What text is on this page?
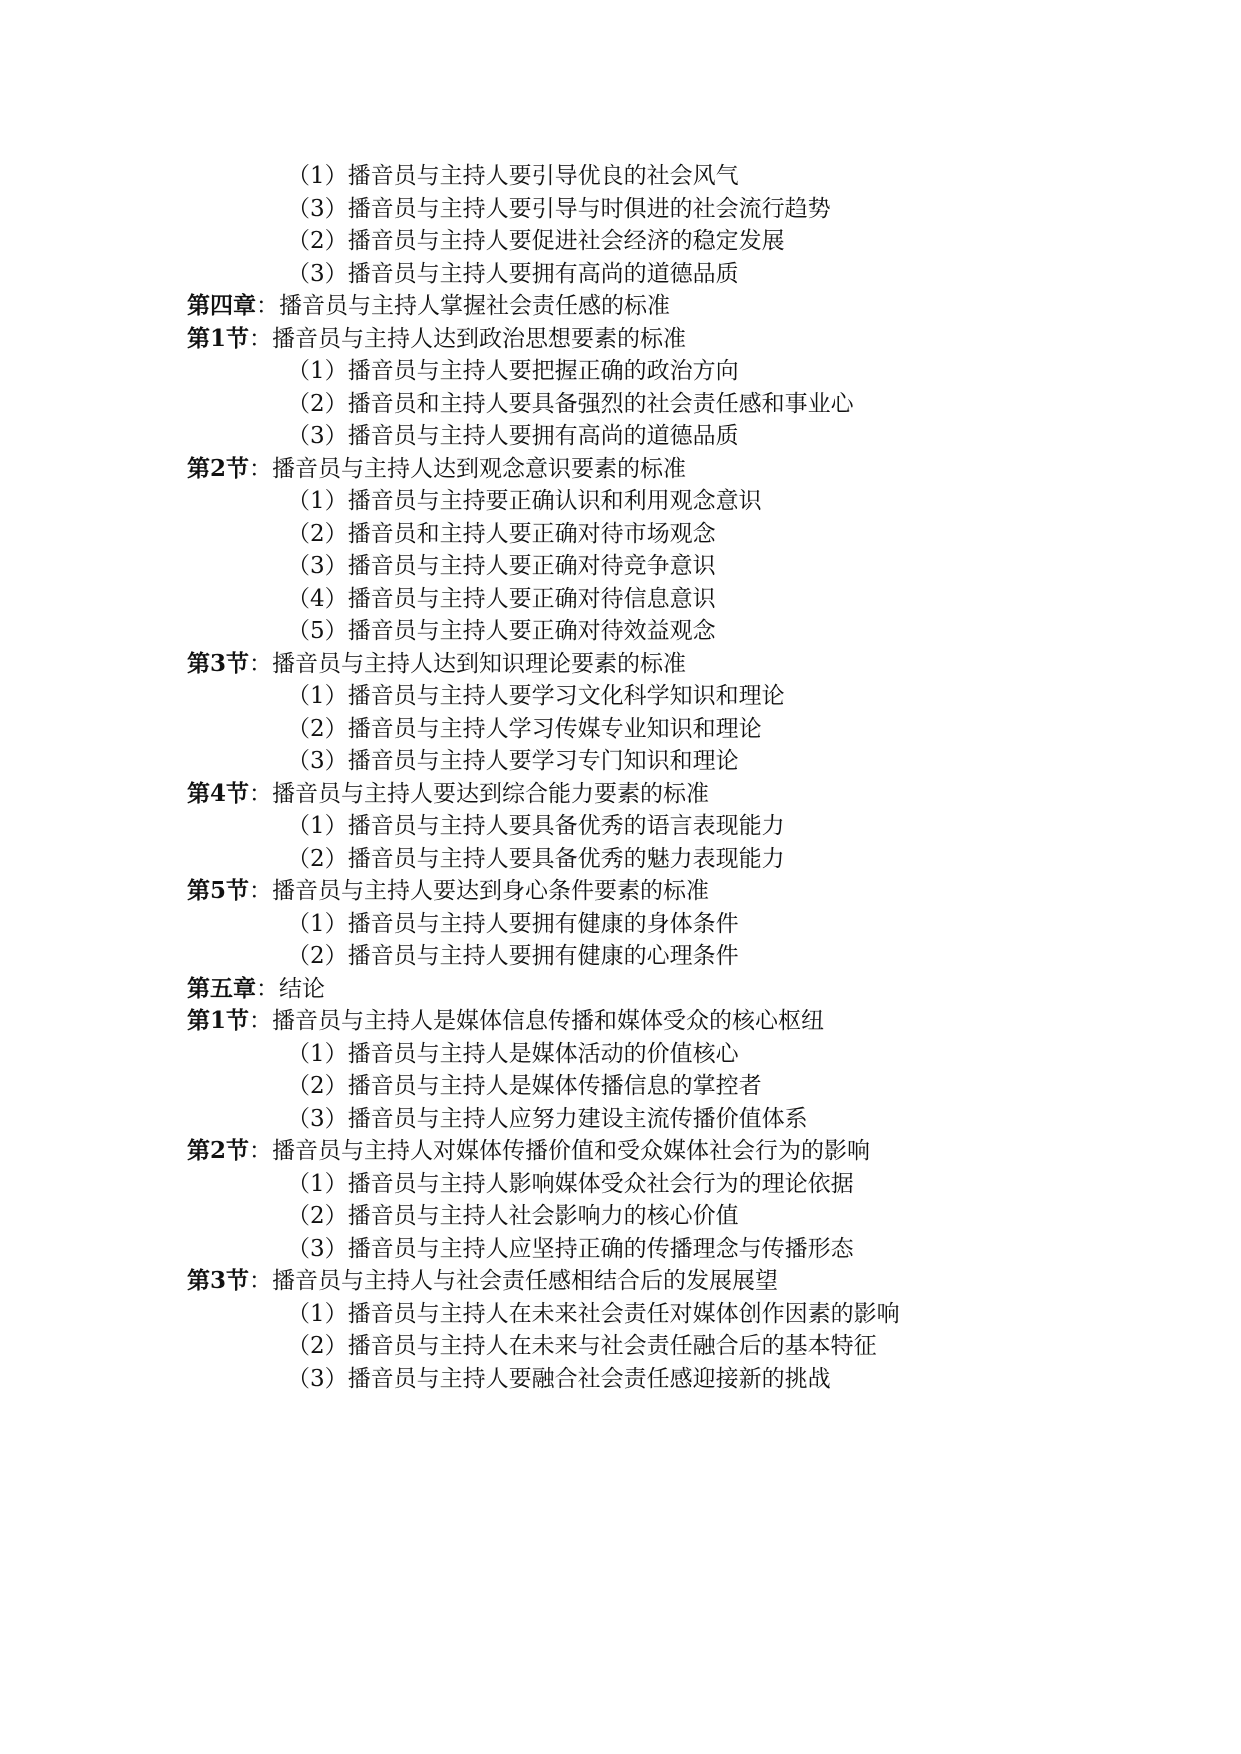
（1）播音员与主持人要引导优良的社会风气
（3）播音员与主持人要引导与时俱进的社会流行趋势
（2）播音员与主持人要促进社会经济的稳定发展
（3）播音员与主持人要拥有高尚的道德品质
第四章：播音员与主持人掌握社会责任感的标准
第1节：播音员与主持人达到政治思想要素的标准
（1）播音员与主持人要把握正确的政治方向
（2）播音员和主持人要具备强烈的社会责任感和事业心
（3）播音员与主持人要拥有高尚的道德品质
第2节：播音员与主持人达到观念意识要素的标准
（1）播音员与主持要正确认识和利用观念意识
（2）播音员和主持人要正确对待市场观念
（3）播音员与主持人要正确对待竞争意识
（4）播音员与主持人要正确对待信息意识
（5）播音员与主持人要正确对待效益观念
第3节：播音员与主持人达到知识理论要素的标准
（1）播音员与主持人要学习文化科学知识和理论
（2）播音员与主持人学习传媒专业知识和理论
（3）播音员与主持人要学习专门知识和理论
第4节：播音员与主持人要达到综合能力要素的标准
（1）播音员与主持人要具备优秀的语言表现能力
（2）播音员与主持人要具备优秀的魅力表现能力
第5节：播音员与主持人要达到身心条件要素的标准
（1）播音员与主持人要拥有健康的身体条件
（2）播音员与主持人要拥有健康的心理条件
第五章：结论
第1节：播音员与主持人是媒体信息传播和媒体受众的核心枢纽
（1）播音员与主持人是媒体活动的价值核心
（2）播音员与主持人是媒体传播信息的掌控者
（3）播音员与主持人应努力建设主流传播价值体系
第2节：播音员与主持人对媒体传播价值和受众媒体社会行为的影响
（1）播音员与主持人影响媒体受众社会行为的理论依据
（2）播音员与主持人社会影响力的核心价值
（3）播音员与主持人应坚持正确的传播理念与传播形态
第3节：播音员与主持人与社会责任感相结合后的发展展望
（1）播音员与主持人在未来社会责任对媒体创作因素的影响
（2）播音员与主持人在未来与社会责任融合后的基本特征
（3）播音员与主持人要融合社会责任感迎接新的挑战
